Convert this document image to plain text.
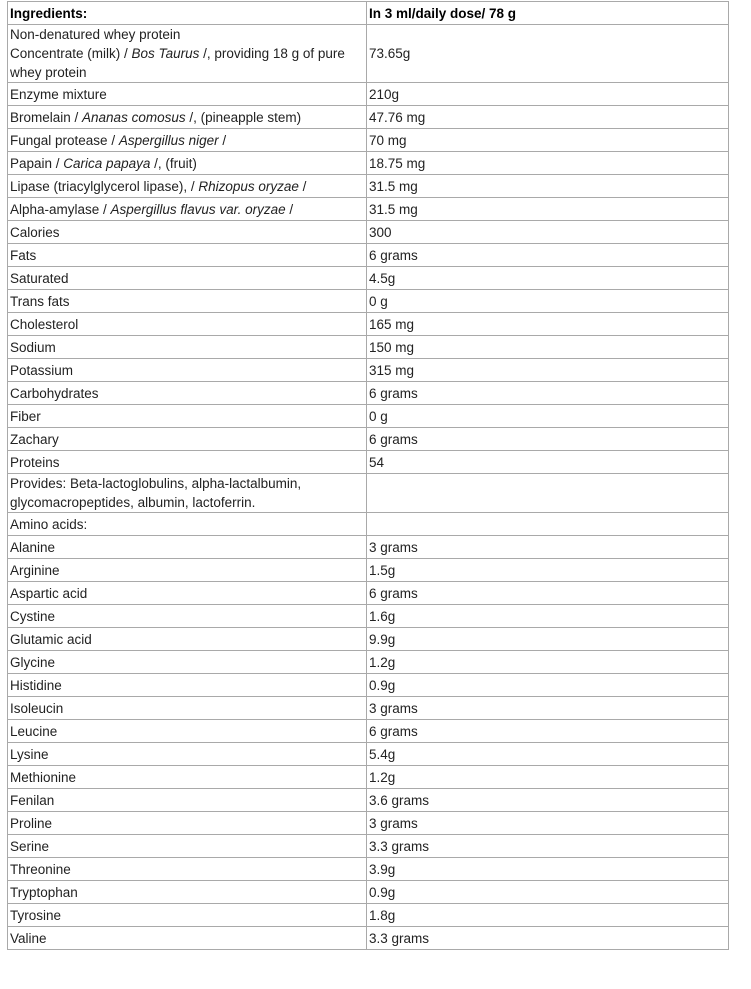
Ingredients:	In 3 ml/daily dose/ 78 g

Non-denatured whey protein
Concentrate (milk) / Bos Taurus /, providing 18 g of pure
whey protein	73.65g
Enzyme mixture	210g
Bromelain / Ananas comosus /, (pineapple stem)	47.76 mg
Fungal protease / Aspergillus niger /	70 mg
Papain / Carica papaya /, (fruit)	18.75 mg
Lipase (triacylglycerol lipase), / Rhizopus oryzae /	31.5 mg
Alpha-amylase / Aspergillus flavus var. oryzae /	31.5 mg
Calories	300
Fats	6 grams
Saturated	4.5g
Trans fats	0 g
Cholesterol	165 mg
Sodium	150 mg
Potassium	315 mg
Carbohydrates	6 grams
Fiber	0 g
Zachary	6 grams
Proteins	54

Provides: Beta-lactoglobulins, alpha-lactalbumin,
glycomacropeptides, albumin, lactoferrin.	

Amino acids:	
Alanine	3 grams
Arginine	1.5g
Aspartic acid	6 grams
Cystine	1.6g
Glutamic acid	9.9g
Glycine	1.2g
Histidine	0.9g
Isoleucin	3 grams
Leucine	6 grams
Lysine	5.4g
Methionine	1.2g
Fenilan	3.6 grams
Proline	3 grams
Serine	3.3 grams
Threonine	3.9g
Tryptophan	0.9g
Tyrosine	1.8g
Valine	3.3 grams
